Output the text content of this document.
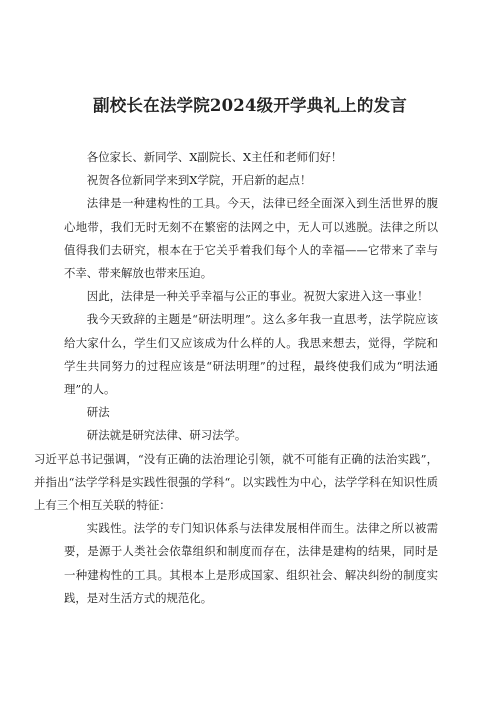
副校长在法学院2024级开学典礼上的发言

各位家长、新同学、X副院长、X主任和老师们好！

祝贺各位新同学来到X学院，开启新的起点！

法律是一种建构性的工具。今天，法律已经全面深入到生活世界的腹心地带，我们无时无刻不在繁密的法网之中，无人可以逃脱。法律之所以值得我们去研究，根本在于它关乎着我们每个人的幸福——它带来了幸与不幸、带来解放也带来压迫。

因此，法律是一种关乎幸福与公正的事业。祝贺大家进入这一事业！

我今天致辞的主题是“研法明理”。这么多年我一直思考，法学院应该给大家什么，学生们又应该成为什么样的人。我思来想去，觉得，学院和学生共同努力的过程应该是“研法明理”的过程，最终使我们成为“明法通理”的人。

研法

研法就是研究法律、研习法学。

习近平总书记强调，“没有正确的法治理论引领，就不可能有正确的法治实践”，并指出“法学学科是实践性很强的学科“。以实践性为中心，法学学科在知识性质上有三个相互关联的特征：

实践性。法学的专门知识体系与法律发展相伴而生。法律之所以被需要，是源于人类社会依靠组织和制度而存在，法律是建构的结果，同时是一种建构性的工具。其根本上是形成国家、组织社会、解决纠纷的制度实践，是对生活方式的规范化。
